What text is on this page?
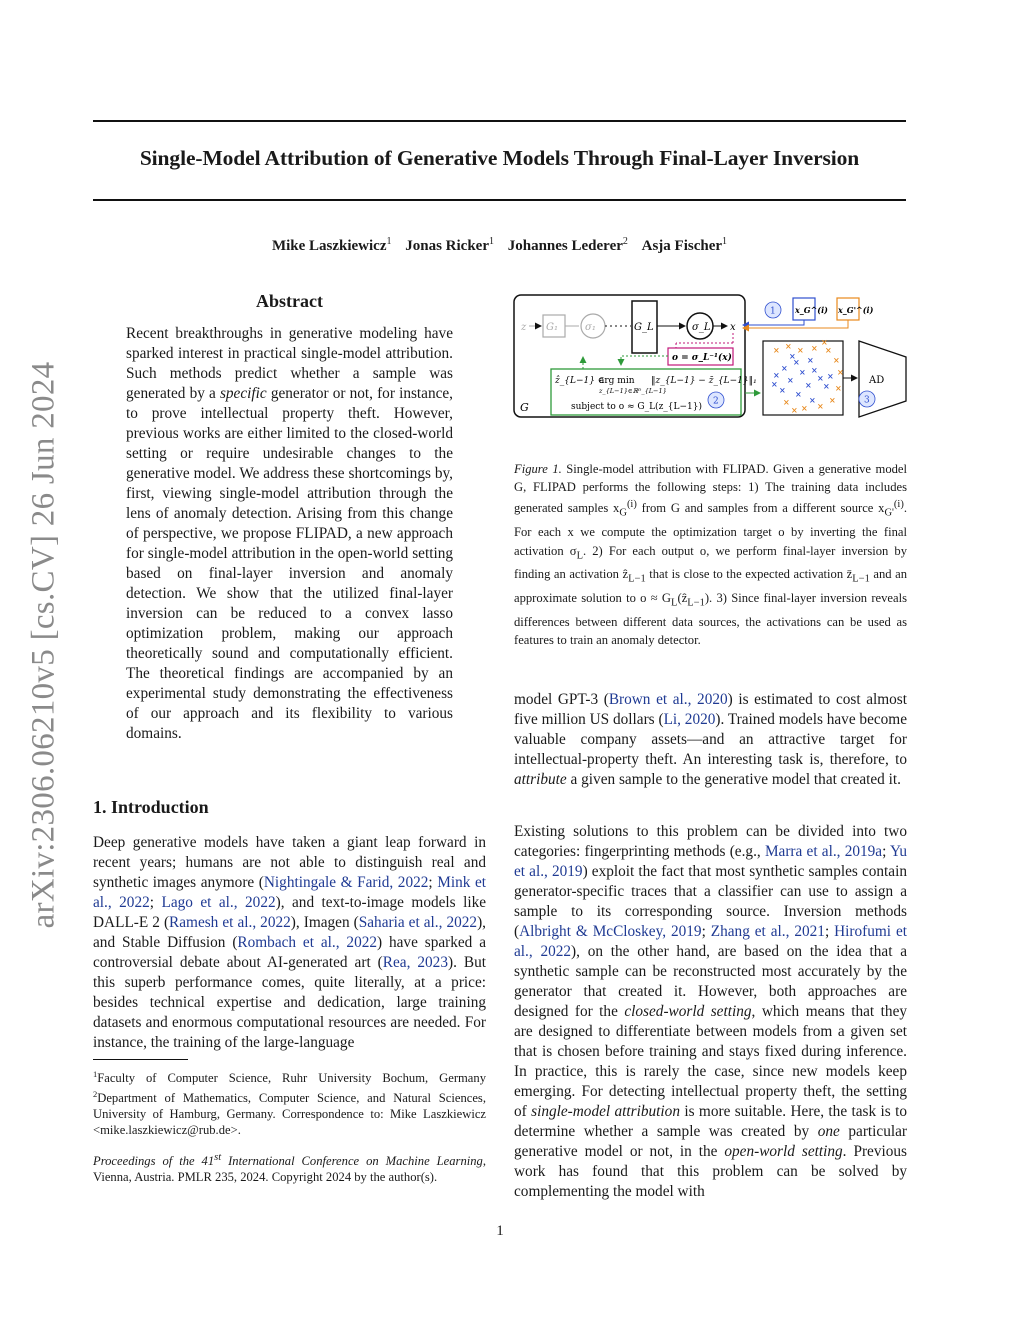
Single-Model Attribution of Generative Models Through Final-Layer Inversion
Mike Laszkiewicz$^1$ Jonas Ricker$^1$ Johannes Lederer$^2$ Asja Fischer$^1$
arXiv:2306.06210v5 [cs.CV] 26 Jun 2024
Abstract
Recent breakthroughs in generative modeling have sparked interest in practical single-model attribution. Such methods predict whether a sample was generated by a specific generator or not, for instance, to prove intellectual property theft. However, previous works are either limited to the closed-world setting or require undesirable changes to the generative model. We address these shortcomings by, first, viewing single-model attribution through the lens of anomaly detection. Arising from this change of perspective, we propose FLIPAD, a new approach for single-model attribution in the open-world setting based on final-layer inversion and anomaly detection. We show that the utilized final-layer inversion can be reduced to a convex lasso optimization problem, making our approach theoretically sound and computationally efficient. The theoretical findings are accompanied by an experimental study demonstrating the effectiveness of our approach and its flexibility to various domains.
1. Introduction
Deep generative models have taken a giant leap forward in recent years; humans are not able to distinguish real and synthetic images anymore (Nightingale & Farid, 2022; Mink et al., 2022; Lago et al., 2022), and text-to-image models like DALL-E 2 (Ramesh et al., 2022), Imagen (Saharia et al., 2022), and Stable Diffusion (Rombach et al., 2022) have sparked a controversial debate about AI-generated art (Rea, 2023). But this superb performance comes, quite literally, at a price: besides technical expertise and dedication, large training datasets and enormous computational resources are needed. For instance, the training of the large-language
$^1$Faculty of Computer Science, Ruhr University Bochum, Germany $^2$Department of Mathematics, Computer Science, and Natural Sciences, University of Hamburg, Germany. Correspondence to: Mike Laszkiewicz <mike.laszkiewicz@rub.de>.
Proceedings of the 41st International Conference on Machine Learning, Vienna, Austria. PMLR 235, 2024. Copyright 2024 by the author(s).
G
z G₁	σ₁	G_L	σ_L x
o = σ_L⁻¹(x)
ẑ_{L−1} ∈
arg min ‖z_{L−1} − z̄_{L−1}‖₁
z_{L−1}∈ℝᴰ_{L−1}
subject to o ≈ G_L(z_{L−1})
2
1 x_G^(i) x_G'^(i)
×
×
×
×
×
×
×
×
× ×
×
×
× ×
×
×
× × × ×
×
×
×
×
×
×
×
×
×
×
AD
3
Figure 1. Single-model attribution with FLIPAD. Given a generative model G, FLIPAD performs the following steps: 1) The training data includes generated samples $x_G^{(i)}$ from G and samples from a different source $x_{G'}^{(i)}$. For each x we compute the optimization target o by inverting the final activation $\sigma_L$. 2) For each output o, we perform final-layer inversion by finding an activation ẑ$_{L-1}$ that is close to the expected activation $z̄_{L-1}$ and an approximate solution to $o \approx G_L(ẑ_{L-1})$. 3) Since final-layer inversion reveals differences between different data sources, the activations can be used as features to train an anomaly detector.
model GPT-3 (Brown et al., 2020) is estimated to cost almost five million US dollars (Li, 2020). Trained models have become valuable company assets—and an attractive target for intellectual-property theft. An interesting task is, therefore, to attribute a given sample to the generative model that created it.
Existing solutions to this problem can be divided into two categories: fingerprinting methods (e.g., Marra et al., 2019a; Yu et al., 2019) exploit the fact that most synthetic samples contain generator-specific traces that a classifier can use to assign a sample to its corresponding source. Inversion methods (Albright & McCloskey, 2019; Zhang et al., 2021; Hirofumi et al., 2022), on the other hand, are based on the idea that a synthetic sample can be reconstructed most accurately by the generator that created it. However, both approaches are designed for the closed-world setting, which means that they are designed to differentiate between models from a given set that is chosen before training and stays fixed during inference. In practice, this is rarely the case, since new models keep emerging. For detecting intellectual property theft, the setting of single-model attribution is more suitable. Here, the task is to determine whether a sample was created by one particular generative model or not, in the open-world setting. Previous work has found that this problem can be solved by complementing the model with
1
